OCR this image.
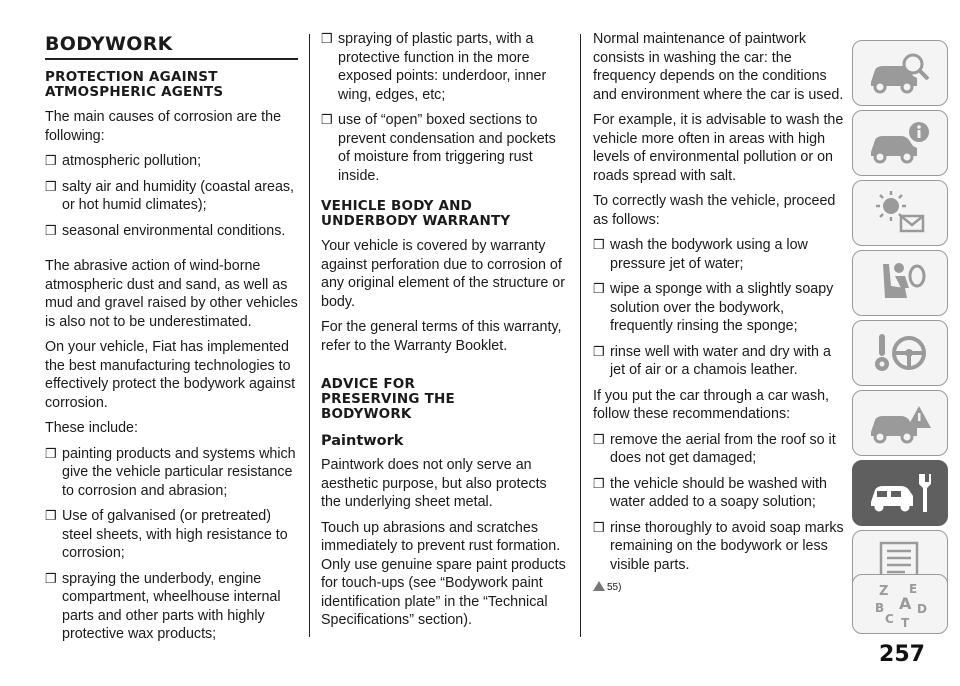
BODYWORK
PROTECTION AGAINST
ATMOSPHERIC AGENTS

The main causes of corrosion are the following:

❒ atmospheric pollution;
❒ salty air and humidity (coastal areas, or hot humid climates);
❒ seasonal environmental conditions.

The abrasive action of wind-borne atmospheric dust and sand, as well as mud and gravel raised by other vehicles is also not to be underestimated.

On your vehicle, Fiat has implemented the best manufacturing technologies to effectively protect the bodywork against corrosion.

These include:

❒ painting products and systems which give the vehicle particular resistance to corrosion and abrasion;
❒ Use of galvanised (or pretreated) steel sheets, with high resistance to corrosion;
❒ spraying the underbody, engine compartment, wheelhouse internal parts and other parts with highly protective wax products;
❒ spraying of plastic parts, with a protective function in the more exposed points: underdoor, inner wing, edges, etc;
❒ use of “open” boxed sections to prevent condensation and pockets of moisture from triggering rust inside.
VEHICLE BODY AND
UNDERBODY WARRANTY

Your vehicle is covered by warranty against perforation due to corrosion of any original element of the structure or body.

For the general terms of this warranty, refer to the Warranty Booklet.

ADVICE FOR
PRESERVING THE
BODYWORK
Paintwork

Paintwork does not only serve an aesthetic purpose, but also protects the underlying sheet metal.

Touch up abrasions and scratches immediately to prevent rust formation. Only use genuine spare paint products for touch-ups (see “Bodywork paint identification plate” in the “Technical Specifications” section).

Normal maintenance of paintwork consists in washing the car: the frequency depends on the conditions and environment where the car is used.

For example, it is advisable to wash the vehicle more often in areas with high levels of environmental pollution or on roads spread with salt.

To correctly wash the vehicle, proceed as follows:

❒ wash the bodywork using a low pressure jet of water;
❒ wipe a sponge with a slightly soapy solution over the bodywork, frequently rinsing the sponge;
❒ rinse well with water and dry with a jet of air or a chamois leather.

If you put the car through a car wash, follow these recommendations:

❒ remove the aerial from the roof so it does not get damaged;
❒ the vehicle should be washed with water added to a soapy solution;
❒ rinse thoroughly to avoid soap marks remaining on the bodywork or less visible parts.
55)	Z E
B A D
C T
257
